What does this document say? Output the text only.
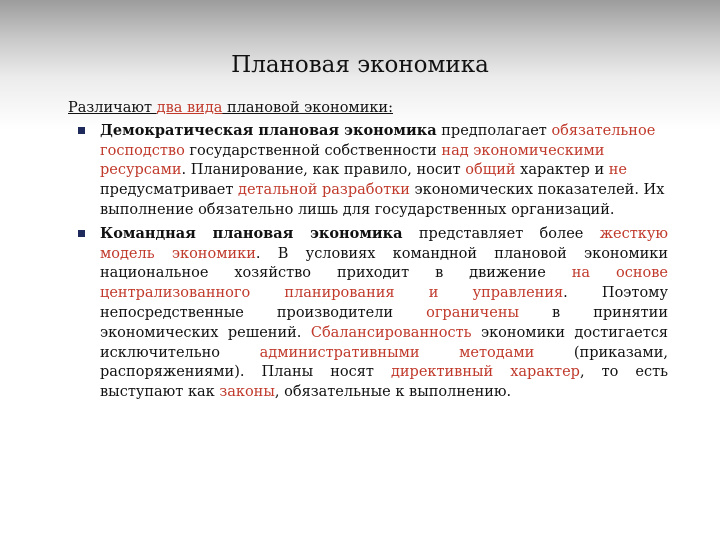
Плановая экономика

Различают два вида плановой экономики:

Демократическая плановая экономика предполагает обязательное господство государственной собственности над экономическими ресурсами. Планирование, как правило, носит общий характер и не предусматривает детальной разработки экономических показателей. Их выполнение обязательно лишь для государственных организаций.
Командная плановая экономика представляет более жесткую модель экономики. В условиях командной плановой экономики национальное хозяйство приходит в движение на основе централизованного планирования и управления. Поэтому непосредственные производители ограничены в принятии экономических решений. Сбалансированность экономики достигается исключительно административными методами (приказами, распоряжениями). Планы носят директивный характер, то есть выступают как законы, обязательные к выполнению.
